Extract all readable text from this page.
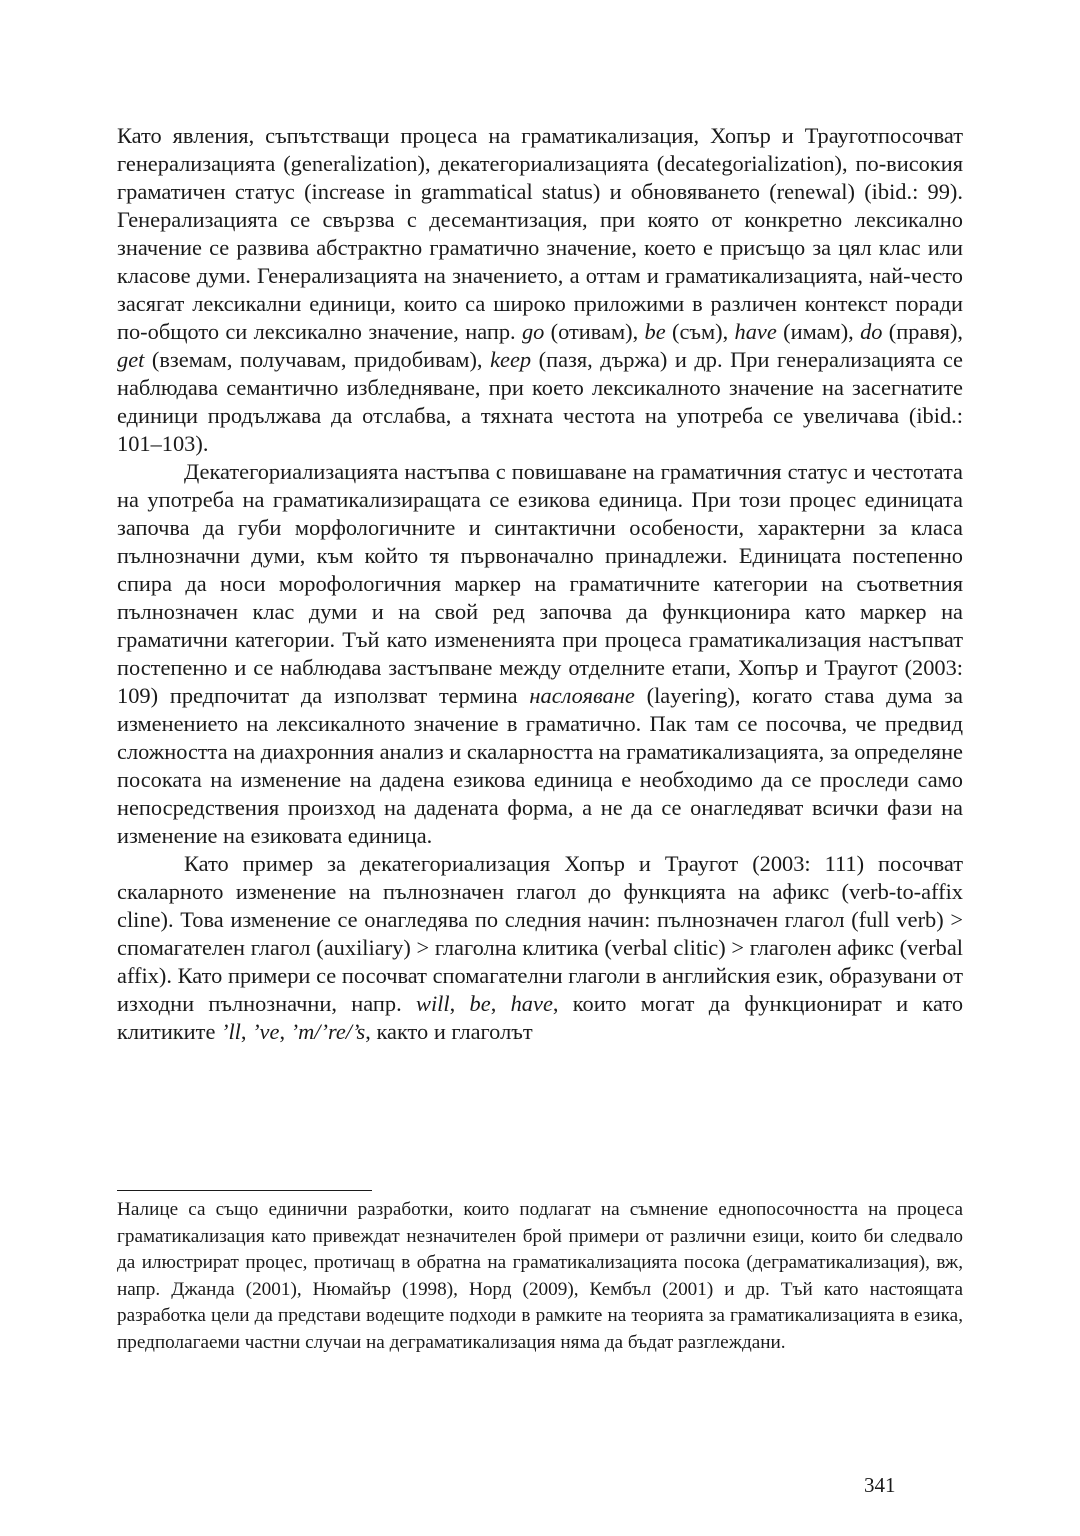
Като явления, съпътстващи процеса на граматикализация, Хопър и Трауготпосочват генерализацията (generalization), декатегориализацията (decategorialization), по-високия граматичен статус (increase in grammatical status) и обновяването (renewal) (ibid.: 99). Генерализацията се свързва с десемантизация, при която от конкретно лексикално значение се развива абстрактно граматично значение, което е присъщо за цял клас или класове думи. Генерализацията на значението, а оттам и граматикализацията, най-често засягат лексикални единици, които са широко приложими в различен контекст поради по-общото си лексикално значение, напр. go (отивам), be (съм), have (имам), do (правя), get (вземам, получавам, придобивам), keep (пазя, държа) и др. При генерализацията се наблюдава семантично избледняване, при което лексикалното значение на засегнатите единици продължава да отслабва, а тяхната честота на употреба се увеличава (ibid.: 101–103).

Декатегориализацията настъпва с повишаване на граматичния статус и честотата на употреба на граматикализиращата се езикова единица. При този процес единицата започва да губи морфологичните и синтактични особености, характерни за класа пълнозначни думи, към който тя първоначално принадлежи. Единицата постепенно спира да носи морофологичния маркер на граматичните категории на съответния пълнозначен клас думи и на свой ред започва да функционира като маркер на граматични категории. Тъй като измененията при процеса граматикализация настъпват постепенно и се наблюдава застъпване между отделните етапи, Хопър и Траугот (2003: 109) предпочитат да използват термина наслояване (layering), когато става дума за изменението на лексикалното значение в граматично. Пак там се посочва, че предвид сложността на диахронния анализ и скаларността на граматикализацията, за определяне посоката на изменение на дадена езикова единица е необходимо да се проследи само непосредствения произход на дадената форма, а не да се онагледяват всички фази на изменение на езиковата единица.

Като пример за декатегориализация Хопър и Траугот (2003: 111) посочват скаларното изменение на пълнозначен глагол до функцията на афикс (verb-to-affix cline). Това изменение се онагледява по следния начин: пълнозначен глагол (full verb) > спомагателен глагол (auxiliary) > глаголна клитика (verbal clitic) > глаголен афикс (verbal affix). Като примери се посочват спомагателни глаголи в английския език, образувани от изходни пълнозначни, напр. will, be, have, които могат да функционират и като клитиките ’ll, ’ve, ’m/’re/’s, както и глаголът

Налице са също единични разработки, които подлагат на съмнение еднопосочността на процеса граматикализация като привеждат незначителен брой примери от различни езици, които би следвало да илюстрират процес, протичащ в обратна на граматикализацията посока (деграматикализация), вж, напр. Джанда (2001), Нюмайър (1998), Норд (2009), Кембъл (2001) и др. Тъй като настоящата разработка цели да представи водещите подходи в рамките на теорията за граматикализацията в езика, предполагаеми частни случаи на деграматикализация няма да бъдат разглеждани.

341
